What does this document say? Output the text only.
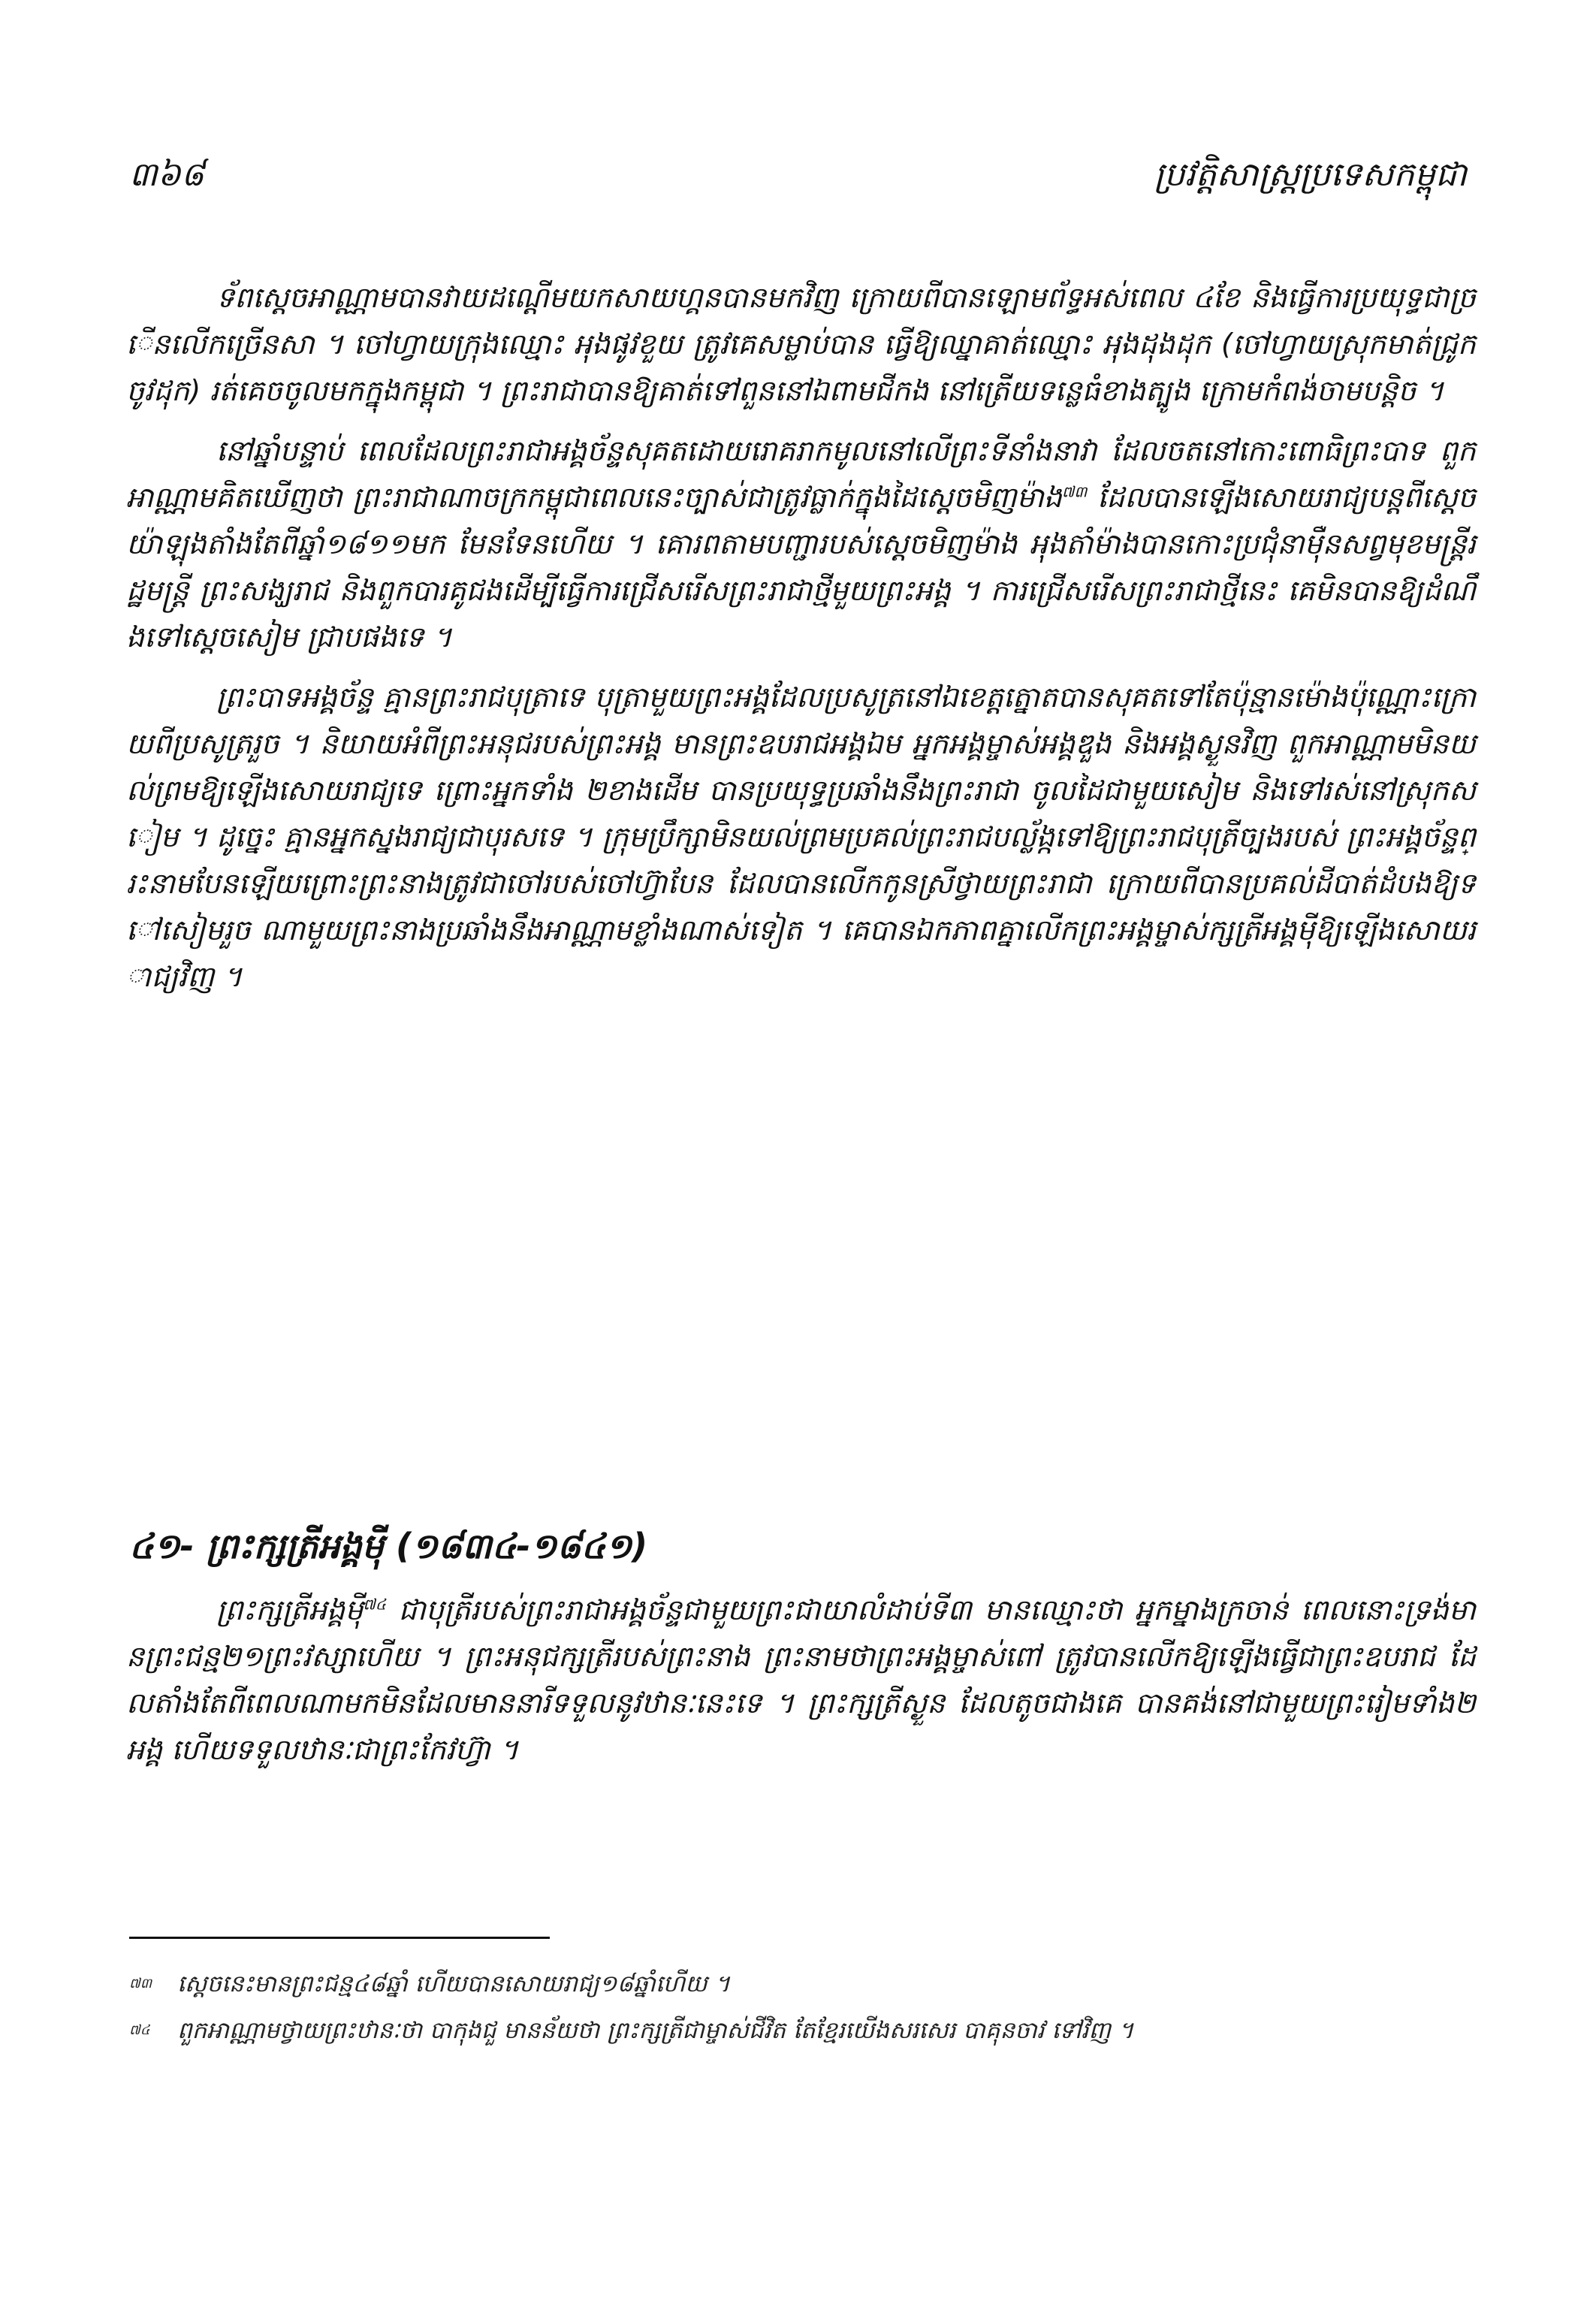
៣៦៨	ប្រវត្តិសាស្ត្រប្រទេសកម្ពុជា

ទ័ពស្តេចអាណ្ណាមបានវាយដណ្តើមយកសាយហ្គនបានមកវិញ ក្រោយពីបានឡោមព័ទ្ធអស់ពេល ៤ខែ និងធ្វើការប្រយុទ្ធជាច្រើនលើកច្រើនសា ។ ចៅហ្វាយក្រុងឈ្មោះ អុងផូវខួយ ត្រូវគេសម្លាប់បាន ធ្វើឱ្យឈ្នាគាត់ឈ្មោះ អុងដុងដុក (ចៅហ្វាយស្រុកមាត់ជ្រូកចូវដុក) រត់គេចចូលមកក្នុងកម្ពុជា ។ ព្រះរាជាបានឱ្យគាត់ទៅពួននៅឯពាមជីកង នៅត្រើយទន្លេធំខាងត្បូង ក្រោមកំពង់ចាមបន្តិច ។

នៅឆ្នាំបន្ទាប់ ពេលដែលព្រះរាជាអង្គច័ន្ទសុគតដោយរោគរាកមូលនៅលើព្រះទីនាំងនាវា ដែលចតនៅកោះពោធិព្រះបាទ ពួកអាណ្ណាមគិតឃើញថា ព្រះរាជាណាចក្រកម្ពុជាពេលនេះច្បាស់ជាត្រូវធ្លាក់ក្នុងដៃស្តេចមិញម៉ាង$^{៧៣}$ ដែលបានឡើងសោយរាជ្យបន្តពីស្តេចយ៉ាឡុងតាំងតែពីឆ្នាំ១៨១១មក មែនទែនហើយ ។ គោរពតាមបញ្ជារបស់ស្តេចមិញម៉ាង អុងតាំម៉ាងបានកោះប្រជុំនាម៉ឺនសព្វមុខមន្ត្រីរដ្ឋមន្ត្រី ព្រះសង្ឃរាជ និងពួកបារគូជងដើម្បីធ្វើការជ្រើសរើសព្រះរាជាថ្មីមួយព្រះអង្គ ។ ការជ្រើសរើសព្រះរាជាថ្មីនេះ គេមិនបានឱ្យដំណឹងទៅស្តេចសៀម ជ្រាបផងទេ ។

ព្រះបាទអង្គច័ន្ទ គ្មានព្រះរាជបុត្រាទេ បុត្រាមួយព្រះអង្គដែលប្រសូត្រនៅឯខេត្តត្នោតបានសុគតទៅតែប៉ុន្មានម៉ោងប៉ុណ្ណោះក្រោយពីប្រសូត្ររួច ។ និយាយអំពីព្រះអនុជរបស់ព្រះអង្គ មានព្រះឧបរាជអង្គឯម អ្នកអង្គម្ចាស់អង្គឌួង និងអង្គស្ងួនវិញ ពួកអាណ្ណាមមិនយល់ព្រមឱ្យឡើងសោយរាជ្យទេ ព្រោះអ្នកទាំង ២ខាងដើម បានប្រយុទ្ធប្រឆាំងនឹងព្រះរាជា ចូលដៃជាមួយសៀម និងទៅរស់នៅស្រុកសៀម ។ ដូច្នេះ គ្មានអ្នកស្នងរាជ្យជាបុរសទេ ។ ក្រុមប្រឹក្សាមិនយល់ព្រមប្រគល់ព្រះរាជបល្ល័ង្កទៅឱ្យព្រះរាជបុត្រីច្បងរបស់ ព្រះអង្គច័ន្ទព្រះនាមបែនឡើយព្រោះព្រះនាងត្រូវជាចៅរបស់ចៅហ្វ៊ាបែន ដែលបានលើកកូនស្រីថ្វាយព្រះរាជា ក្រោយពីបានប្រគល់ដីបាត់ដំបងឱ្យទៅសៀមរួច ណាមួយព្រះនាងប្រឆាំងនឹងអាណ្ណាមខ្លាំងណាស់ទៀត ។ គេបានឯកភាពគ្នាលើកព្រះអង្គម្ចាស់ក្សត្រីអង្គម៉ីឱ្យឡើងសោយរាជ្យវិញ ។

៤១- ព្រះក្សត្រីអង្គម៉ី (១៨៣៤-១៨៤១)

ព្រះក្សត្រីអង្គម៉ី$^{៧៤}$ ជាបុត្រីរបស់ព្រះរាជាអង្គច័ន្ទជាមួយព្រះជាយាលំដាប់ទី៣ មានឈ្មោះថា អ្នកម្នាងក្រចាន់ ពេលនោះទ្រង់មានព្រះជន្ម២១ព្រះវស្សាហើយ ។ ព្រះអនុជក្សត្រីរបស់ព្រះនាង ព្រះនាមថាព្រះអង្គម្ចាស់ពៅ ត្រូវបានលើកឱ្យឡើងធ្វើជាព្រះឧបរាជ ដែលតាំងតែពីពេលណាមកមិនដែលមាននារីទទួលនូវឋានៈនេះទេ ។ ព្រះក្សត្រីស្ងួន ដែលតូចជាងគេ បានគង់នៅជាមួយព្រះរៀមទាំង២អង្គ ហើយទទួលឋានៈជាព្រះកែវហ្វ៊ា ។

៧៣	ស្តេចនេះមានព្រះជន្ម៤៨ឆ្នាំ ហើយបានសោយរាជ្យ១៨ឆ្នាំហើយ ។
៧៤	ពួកអាណ្ណាមថ្វាយព្រះឋានៈថា បាកុងជួ មានន័យថា ព្រះក្សត្រីជាម្ចាស់ជីវិត តែខ្មែរយើងសរសេរ បាគុនចាវ ទៅវិញ ។
